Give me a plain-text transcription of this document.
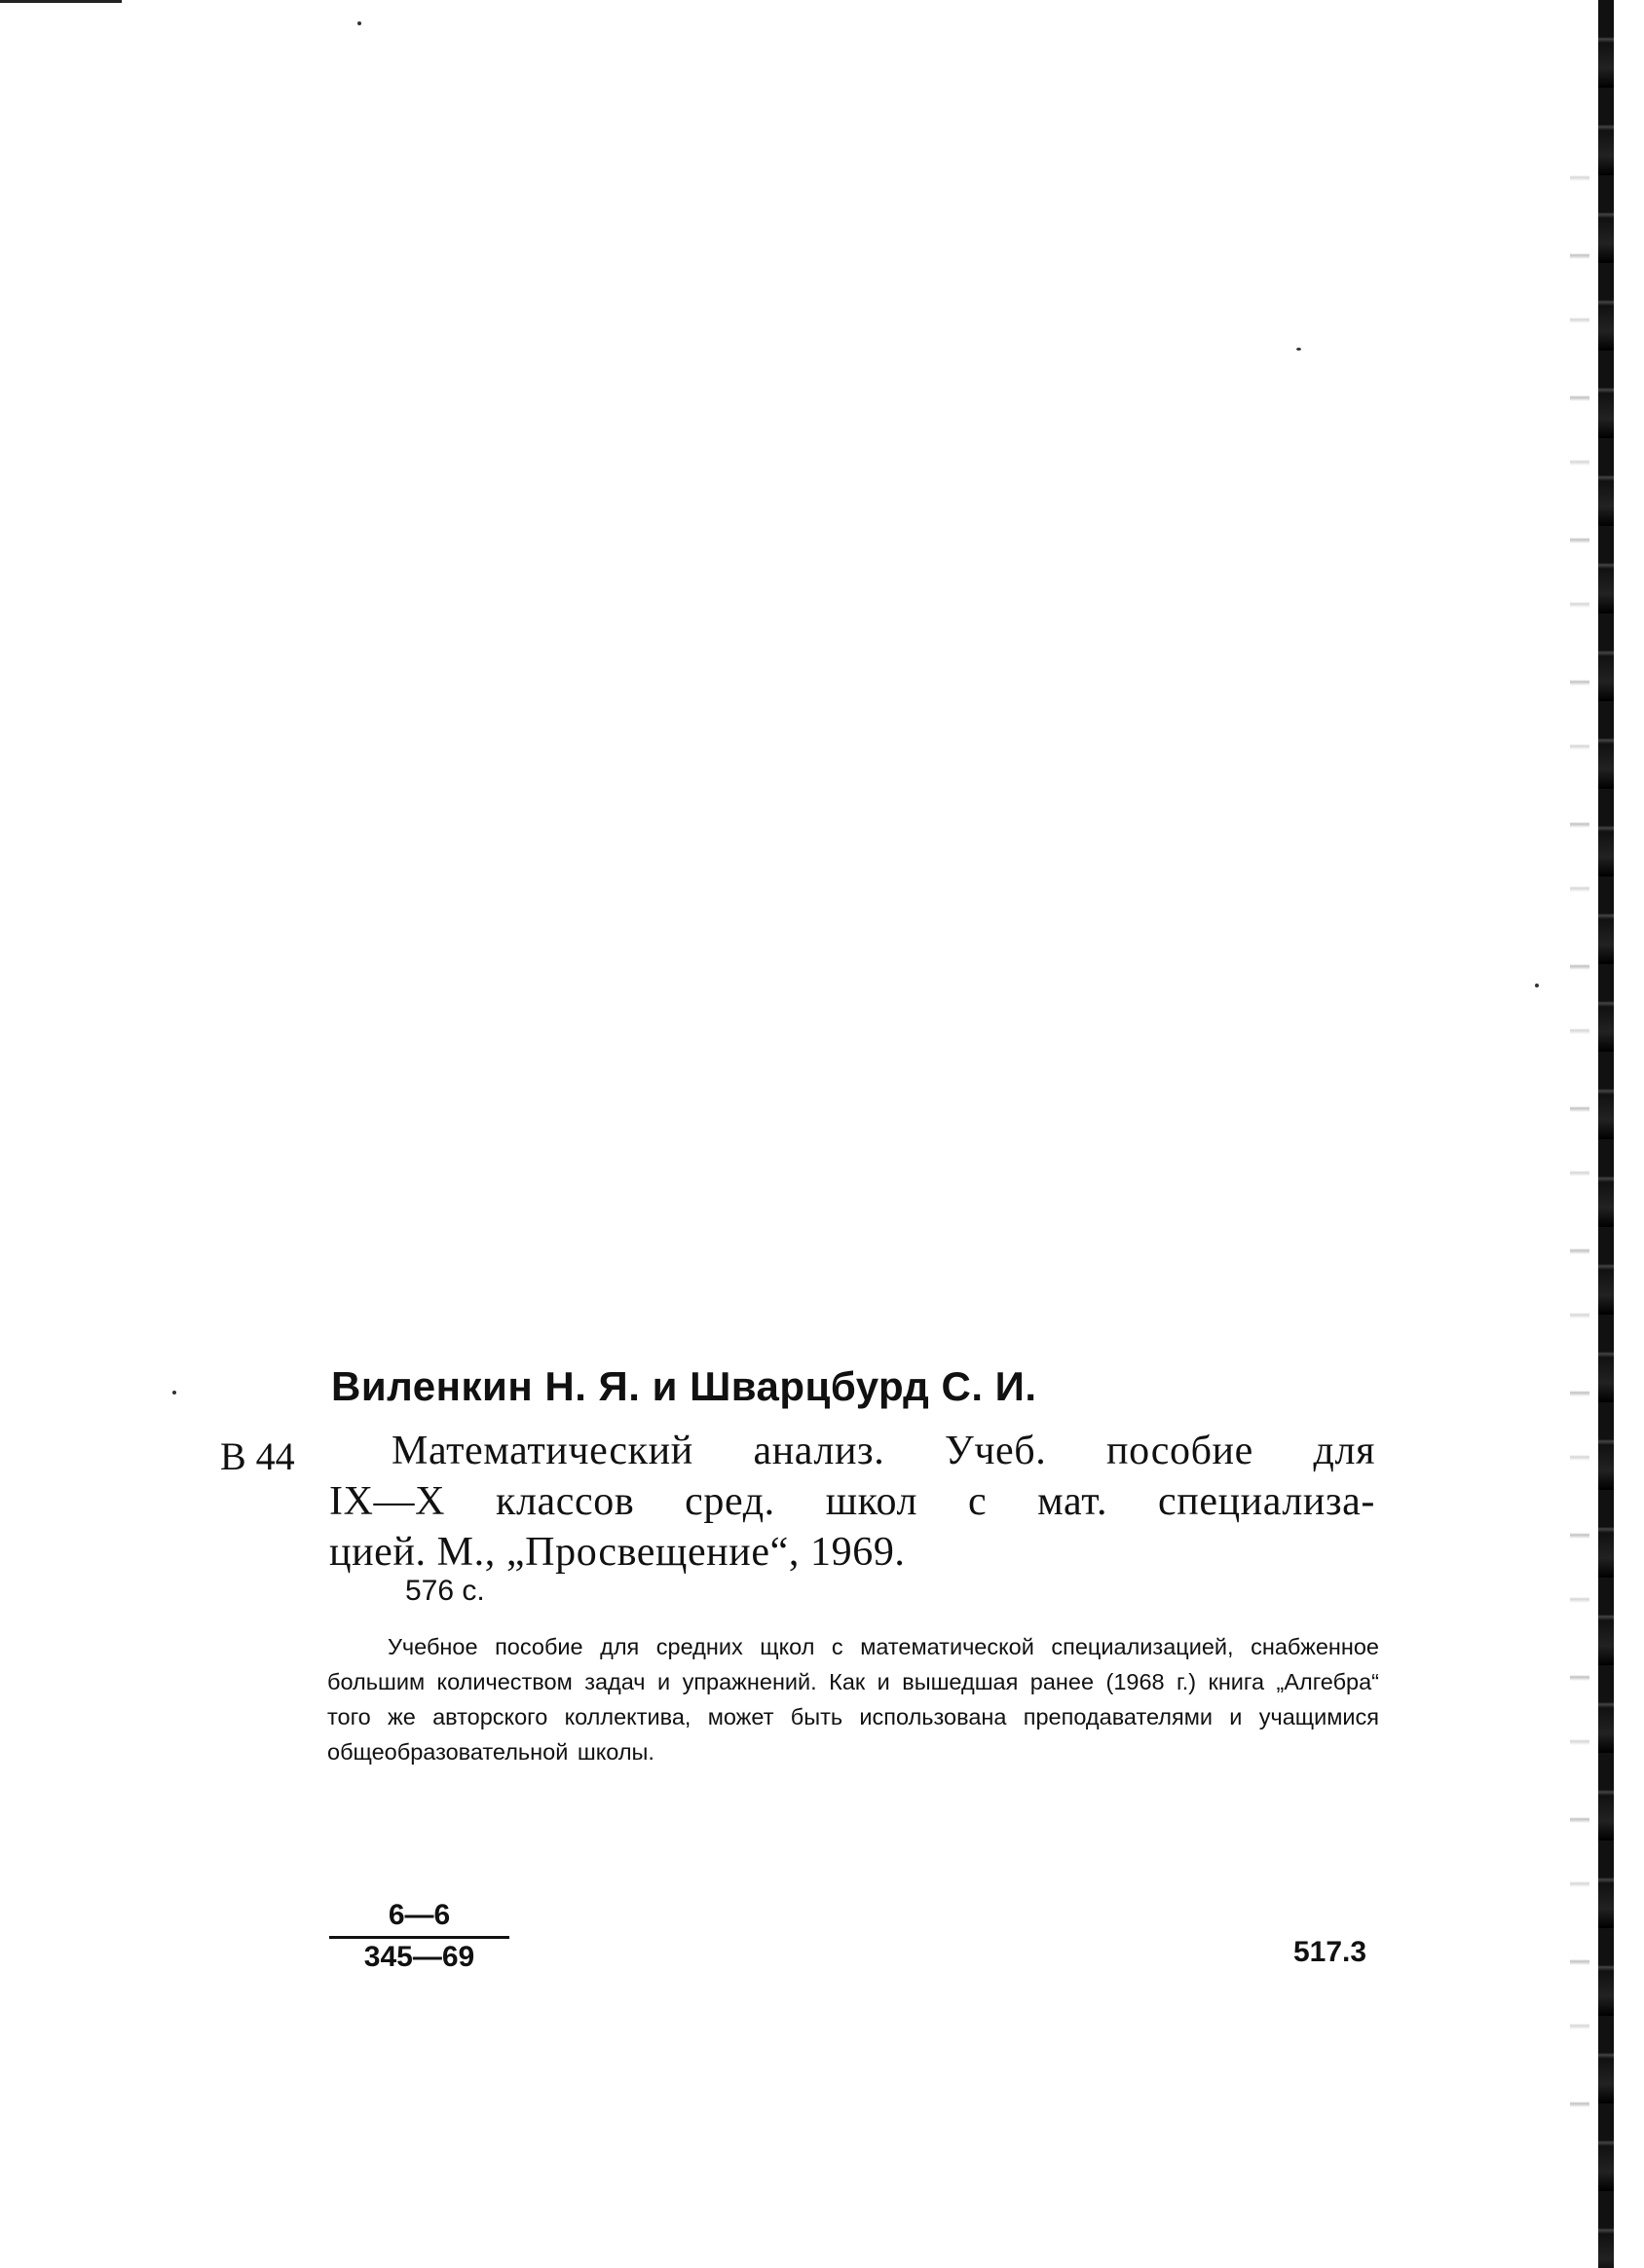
Виленкин Н. Я. и Шварцбурд С. И.
В 44 Математический анализ. Учеб. пособие для
IX—X классов сред. школ с мат. специализа-
цией. М., „Просвещение“, 1969.
576 с.
Учебное пособие для средних щкол с математической специализацией, снабженное большим количеством задач и упражнений. Как и вышедшая ранее (1968 г.) книга „Алгебра“ того же авторского коллектива, может быть использована преподавателями и учащимися общеобразовательной школы.
$\frac{6—6}{345—69}$	517.3
